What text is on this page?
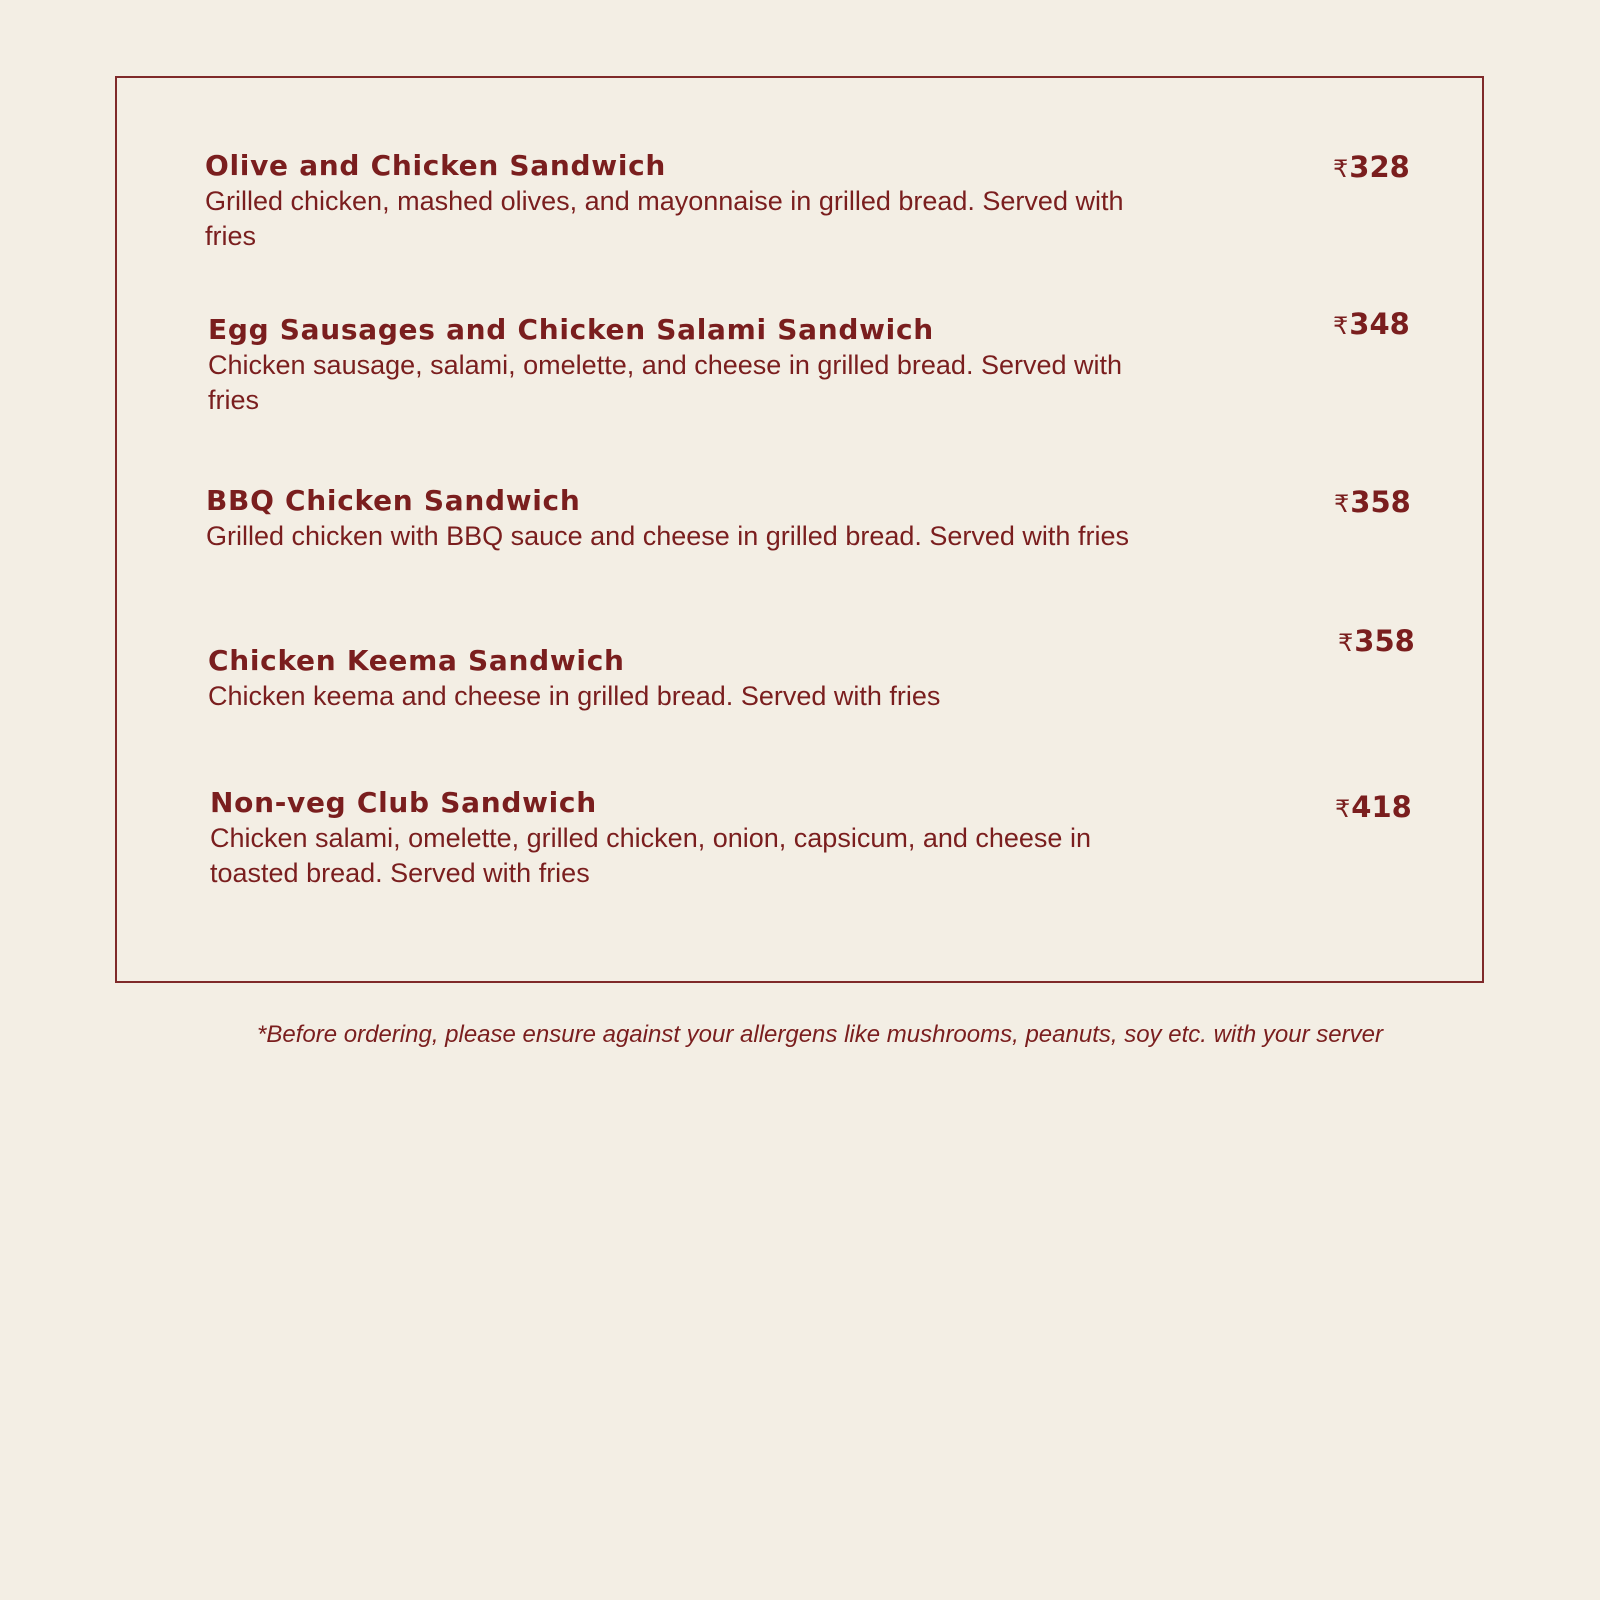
Olive and Chicken Sandwich
Grilled chicken, mashed olives, and mayonnaise in grilled bread. Served with fries
₹328
Egg Sausages and Chicken Salami Sandwich
Chicken sausage, salami, omelette, and cheese in grilled bread. Served with fries
₹348
BBQ Chicken Sandwich
Grilled chicken with BBQ sauce and cheese in grilled bread. Served with fries
₹358
Chicken Keema Sandwich
Chicken keema and cheese in grilled bread. Served with fries
₹358
Non-veg Club Sandwich
Chicken salami, omelette, grilled chicken, onion, capsicum, and cheese in toasted bread. Served with fries
₹418
*Before ordering, please ensure against your allergens like mushrooms, peanuts, soy etc. with your server
